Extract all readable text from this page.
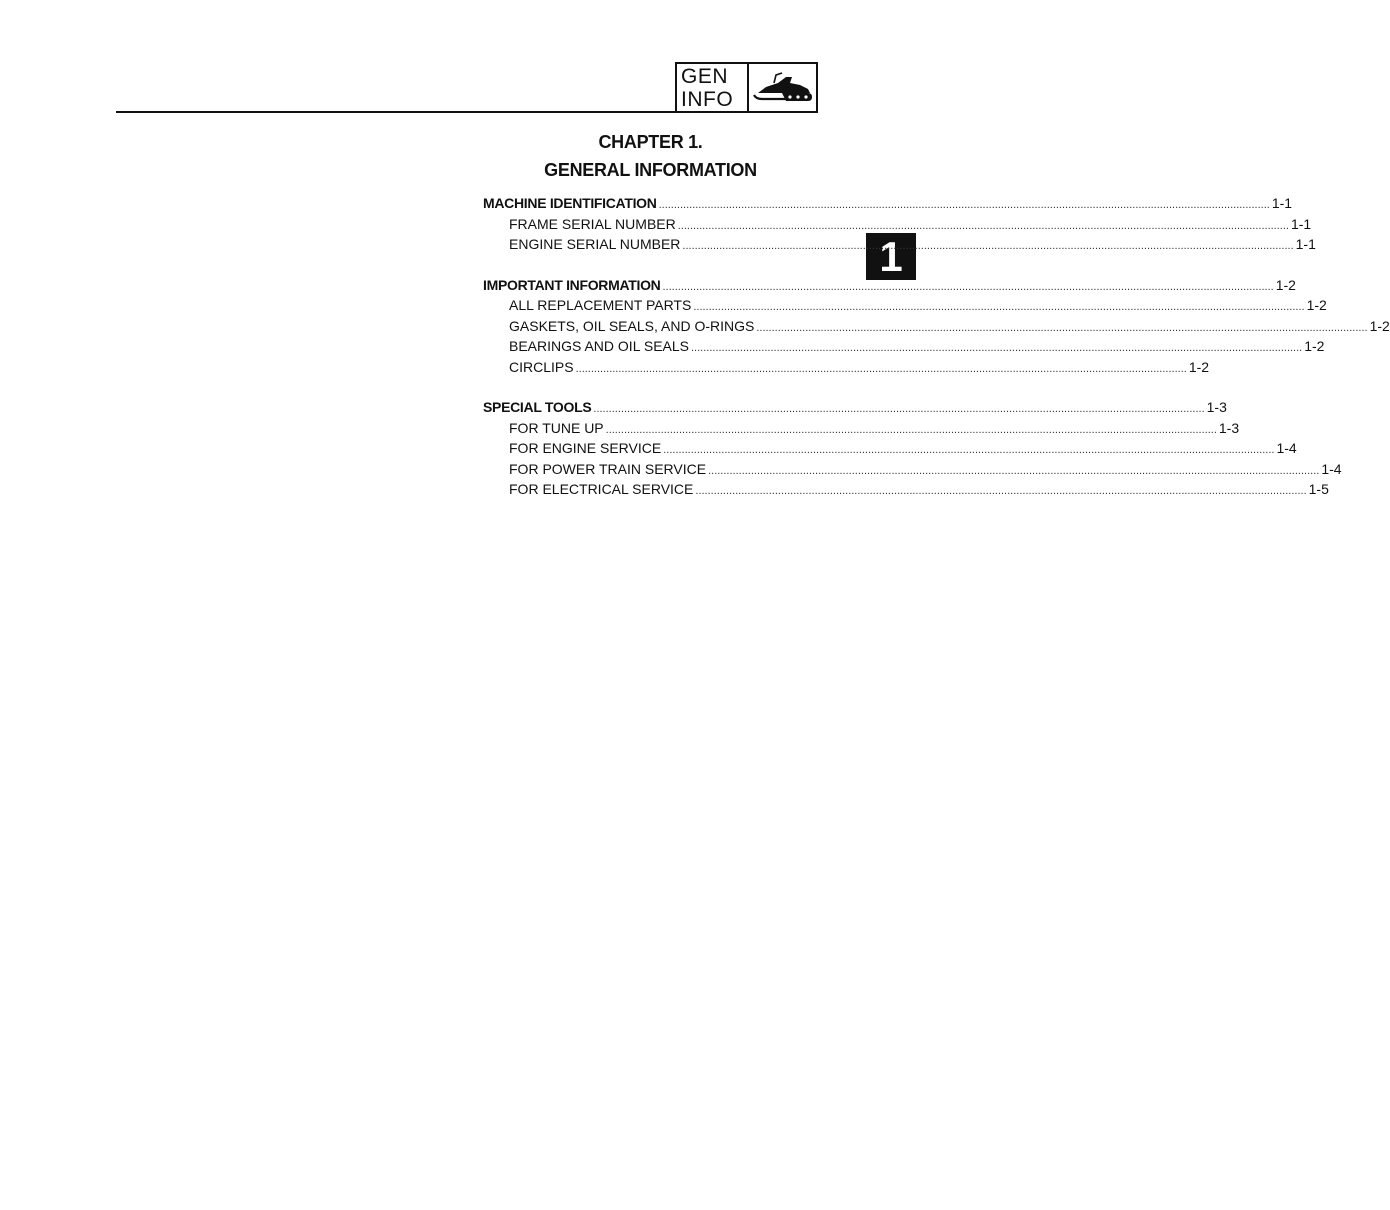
GEN
INFO
CHAPTER 1.
GENERAL INFORMATION
1
MACHINE IDENTIFICATION ........................................................................................................................................................................................................ 1-1
FRAME SERIAL NUMBER ........................................................................................................................................................................................................ 1-1
ENGINE SERIAL NUMBER ........................................................................................................................................................................................................ 1-1
IMPORTANT INFORMATION ........................................................................................................................................................................................................ 1-2
ALL REPLACEMENT PARTS ........................................................................................................................................................................................................ 1-2
GASKETS, OIL SEALS, AND O-RINGS ........................................................................................................................................................................................................ 1-2
BEARINGS AND OIL SEALS ........................................................................................................................................................................................................ 1-2
CIRCLIPS ........................................................................................................................................................................................................ 1-2
SPECIAL TOOLS ........................................................................................................................................................................................................ 1-3
FOR TUNE UP ........................................................................................................................................................................................................ 1-3
FOR ENGINE SERVICE ........................................................................................................................................................................................................ 1-4
FOR POWER TRAIN SERVICE ........................................................................................................................................................................................................ 1-4
FOR ELECTRICAL SERVICE ........................................................................................................................................................................................................ 1-5
